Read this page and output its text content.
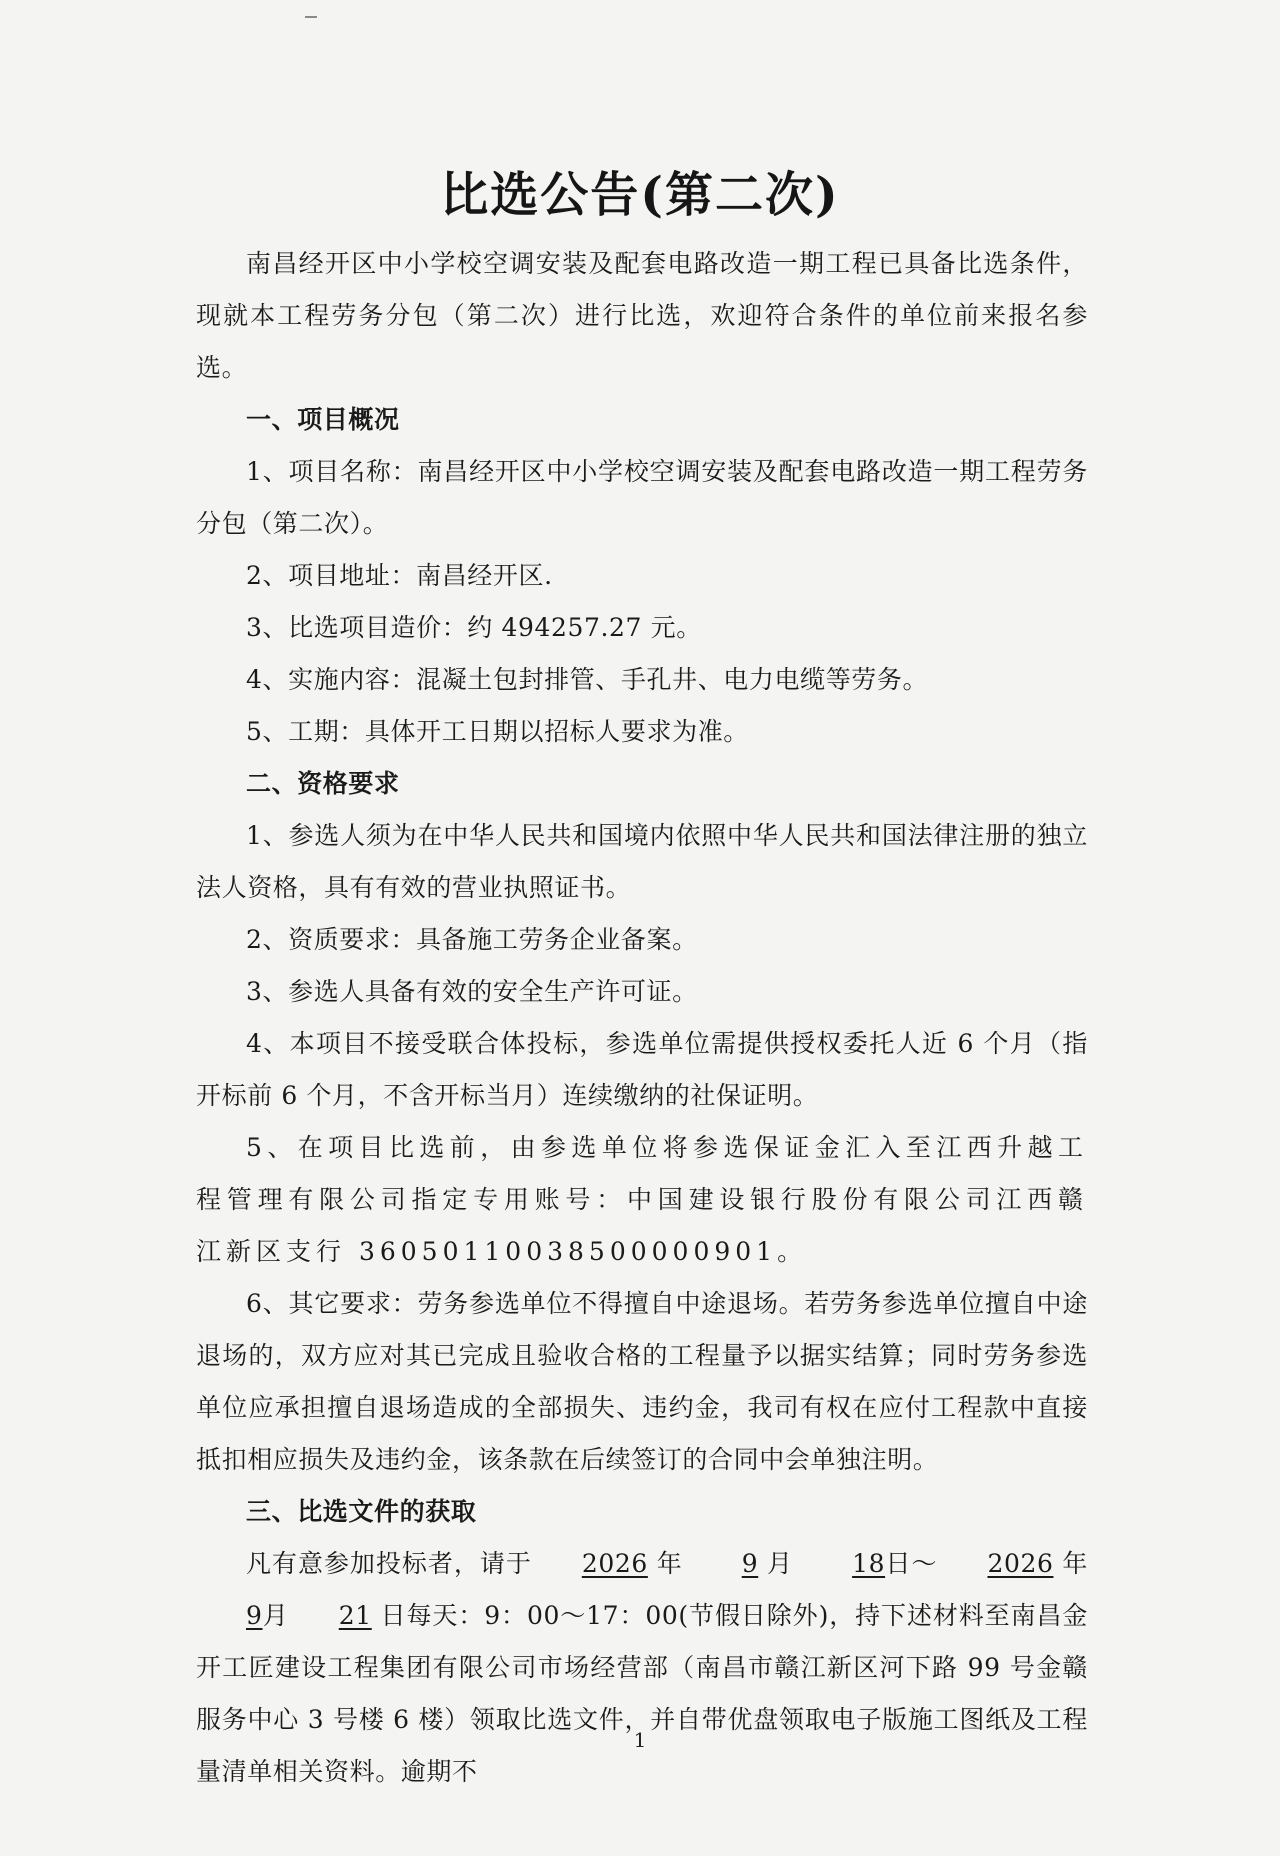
比选公告(第二次)

南昌经开区中小学校空调安装及配套电路改造一期工程已具备比选条件，现就本工程劳务分包（第二次）进行比选，欢迎符合条件的单位前来报名参选。

一、项目概况

1、项目名称：南昌经开区中小学校空调安装及配套电路改造一期工程劳务分包（第二次）。

2、项目地址：南昌经开区.

3、比选项目造价：约 494257.27 元。

4、实施内容：混凝土包封排管、手孔井、电力电缆等劳务。

5、工期：具体开工日期以招标人要求为准。

二、资格要求

1、参选人须为在中华人民共和国境内依照中华人民共和国法律注册的独立法人资格，具有有效的营业执照证书。

2、资质要求：具备施工劳务企业备案。

3、参选人具备有效的安全生产许可证。

4、本项目不接受联合体投标，参选单位需提供授权委托人近 6 个月（指开标前 6 个月，不含开标当月）连续缴纳的社保证明。

5、在项目比选前，由参选单位将参选保证金汇入至江西升越工程管理有限公司指定专用账号：中国建设银行股份有限公司江西赣江新区支行 36050110038500000901。

6、其它要求：劳务参选单位不得擅自中途退场。若劳务参选单位擅自中途退场的，双方应对其已完成且验收合格的工程量予以据实结算；同时劳务参选单位应承担擅自退场造成的全部损失、违约金，我司有权在应付工程款中直接抵扣相应损失及违约金，该条款在后续签订的合同中会单独注明。

三、比选文件的获取

凡有意参加投标者，请于 2026 年 9 月 18日～ 2026 年9月 21 日每天：9：00～17：00(节假日除外)，持下述材料至南昌金开工匠建设工程集团有限公司市场经营部（南昌市赣江新区河下路 99 号金赣服务中心 3 号楼 6 楼）领取比选文件，并自带优盘领取电子版施工图纸及工程量清单相关资料。逾期不

1
